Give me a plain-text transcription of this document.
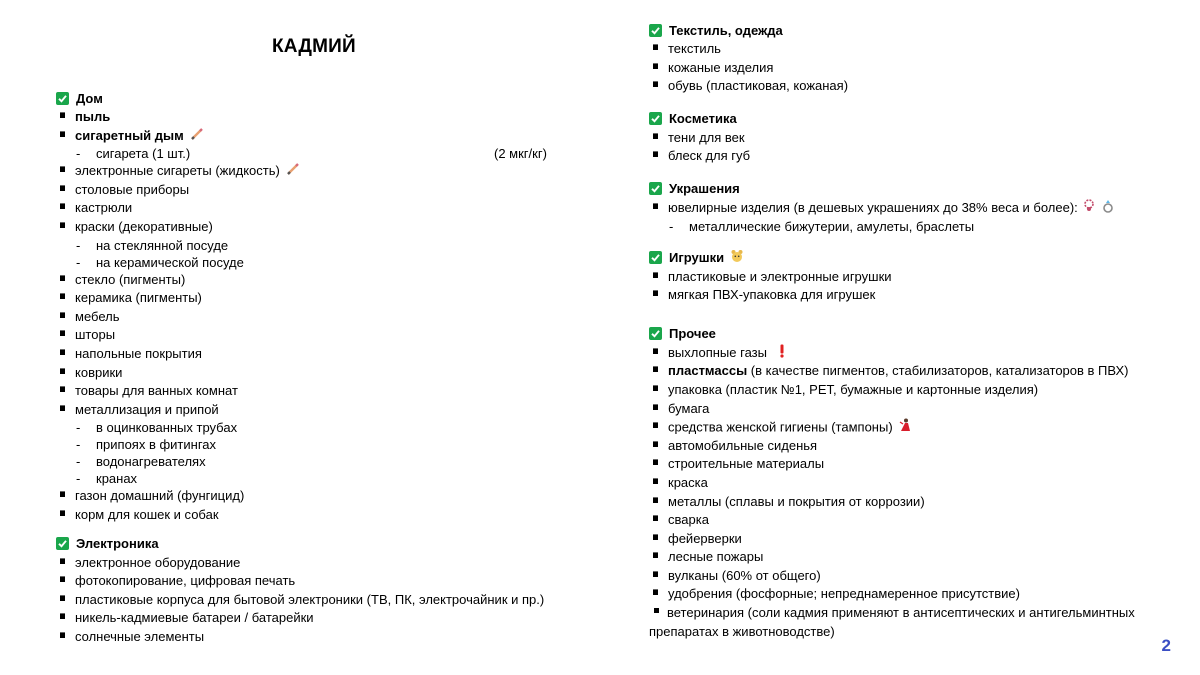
КАДМИЙ
Дом
пыль
сигаретный дым
- сигарета (1 шт.)	(2 мкг/кг)
электронные сигареты (жидкость)
столовые приборы
кастрюли
краски (декоративные)
- на стеклянной посуде
- на керамической посуде
стекло (пигменты)
керамика (пигменты)
мебель
шторы
напольные покрытия
коврики
товары для ванных комнат
металлизация и припой
- в оцинкованных трубах
- припоях в фитингах
- водонагревателях
- кранах
газон домашний (фунгицид)
корм для кошек и собак
Электроника
электронное оборудование
фотокопирование, цифровая печать
пластиковые корпуса для бытовой электроники (ТВ, ПК, электрочайник и пр.)
никель-кадмиевые батареи / батарейки
солнечные элементы
Текстиль, одежда
текстиль
кожаные изделия
обувь (пластиковая, кожаная)
Косметика
тени для век
блеск для губ
Украшения
ювелирные изделия (в дешевых украшениях до 38% веса и более):
- металлические бижутерии, амулеты, браслеты
Игрушки
пластиковые и электронные игрушки
мягкая ПВХ-упаковка для игрушек
Прочее
выхлопные газы
пластмассы (в качестве пигментов, стабилизаторов, катализаторов в ПВХ)
упаковка (пластик №1, PET, бумажные и картонные изделия)
бумага
средства женской гигиены (тампоны)
автомобильные сиденья
строительные материалы
краска
металлы (сплавы и покрытия от коррозии)
сварка
фейерверки
лесные пожары
вулканы (60% от общего)
удобрения (фосфорные; непреднамеренное присутствие)
ветеринария (соли кадмия применяют в антисептических и антигельминтных препаратах в животноводстве)
2
